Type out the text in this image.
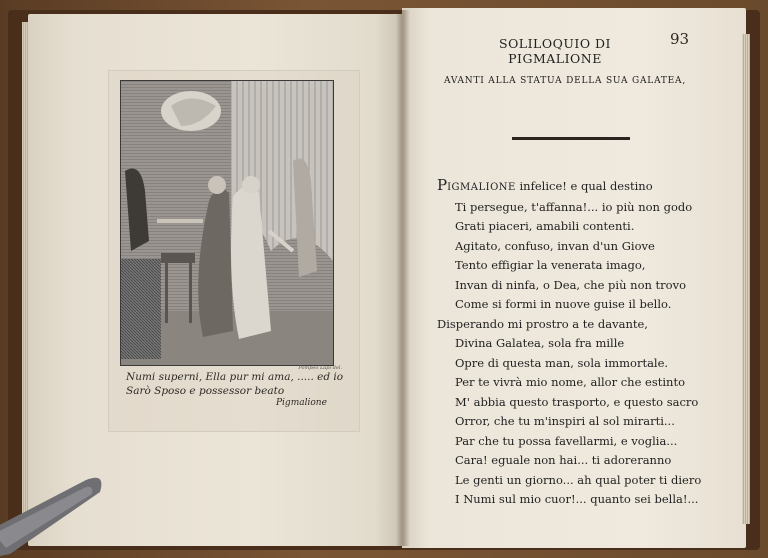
Pompeo Lapi del.
Numi superni, Ella pur mi ama, ..... ed io
Sarò Sposo e possessor beato
Pigmalione
SOLILOQUIO DI PIGMALIONE
93
AVANTI ALLA STATUA DELLA SUA GALATEA,
PIGMALIONE infelice! e qual destino
Ti persegue, t'affanna!... io più non godo
Grati piaceri, amabili contenti.
Agitato, confuso, invan d'un Giove
Tento effigiar la venerata imago,
Invan di ninfa, o Dea, che più non trovo
Come si formi in nuove guise il bello.
Disperando mi prostro a te davante,
Divina Galatea, sola fra mille
Opre di questa man, sola immortale.
Per te vivrà mio nome, allor che estinto
M' abbia questo trasporto, e questo sacro
Orror, che tu m'inspiri al sol mirarti...
Par che tu possa favellarmi, e voglia...
Cara! eguale non hai... ti adoreranno
Le genti un giorno... ah qual poter ti diero
I Numi sul mio cuor!... quanto sei bella!...
